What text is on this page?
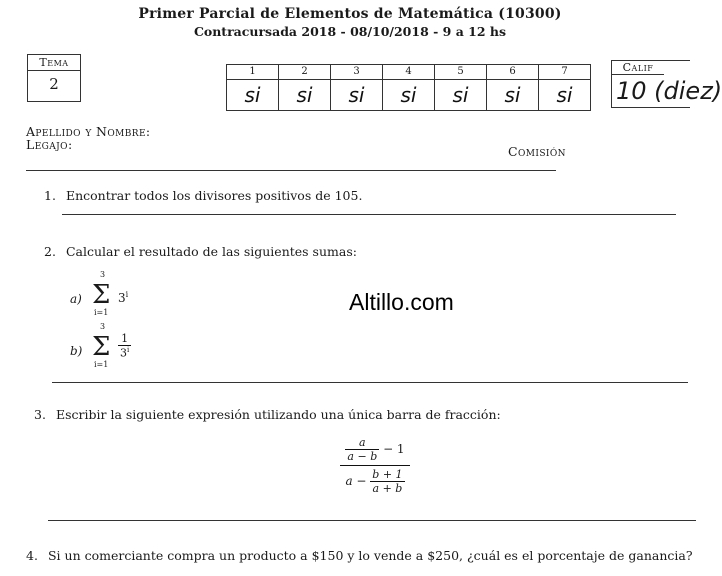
Primer Parcial de Elementos de Matemática (10300)
Contracursada 2018 - 08/10/2018 - 9 a 12 hs
Tema
2
1	2	3	4	5	6	7
si	si	si	si	si	si	si
Calif
10 (diez)
Apellido y Nombre:
Legajo:	Comisión
1. Encontrar todos los divisores positivos de 105.
2. Calcular el resultado de las siguientes sumas:
a)
3
Σ
i=1
3$^i$
b)
3
Σ
i=1
$\frac{1}{3^i}$
Altillo.com
3. Escribir la siguiente expresión utilizando una única barra de fracción:
$\frac{a}{a - b} - 1$
$a - \frac{b + 1}{a + b}$
4. Si un comerciante compra un producto a $150 y lo vende a $250, ¿cuál es el porcentaje de ganancia?
